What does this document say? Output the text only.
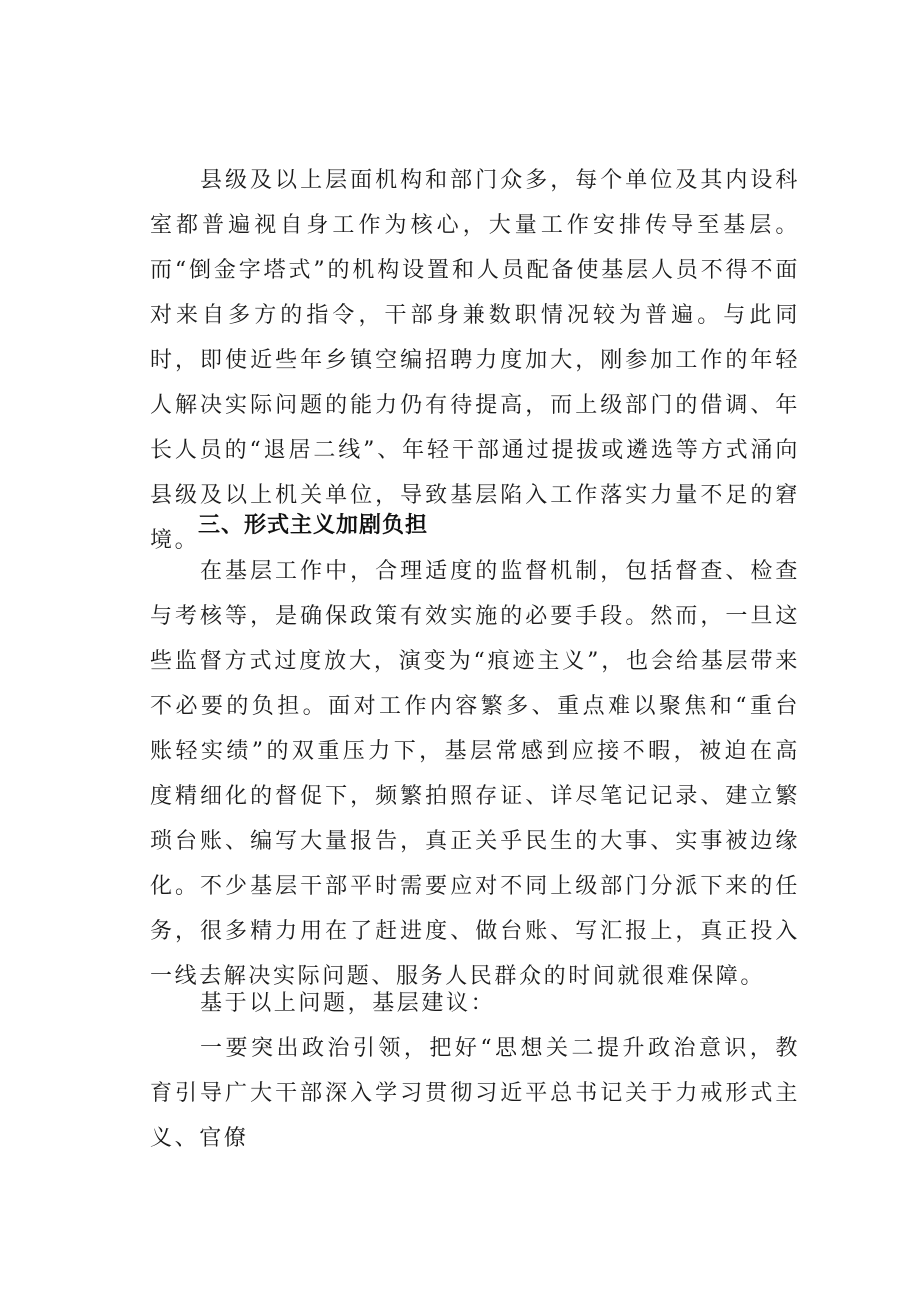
县级及以上层面机构和部门众多，每个单位及其内设科室都普遍视自身工作为核心，大量工作安排传导至基层。而“倒金字塔式”的机构设置和人员配备使基层人员不得不面对来自多方的指令，干部身兼数职情况较为普遍。与此同时，即使近些年乡镇空编招聘力度加大，刚参加工作的年轻人解决实际问题的能力仍有待提高，而上级部门的借调、年长人员的“退居二线”、年轻干部通过提拔或遴选等方式涌向县级及以上机关单位，导致基层陷入工作落实力量不足的窘境。

三、形式主义加剧负担

在基层工作中，合理适度的监督机制，包括督查、检查与考核等，是确保政策有效实施的必要手段。然而，一旦这些监督方式过度放大，演变为“痕迹主义”，也会给基层带来不必要的负担。面对工作内容繁多、重点难以聚焦和“重台账轻实绩”的双重压力下，基层常感到应接不暇，被迫在高度精细化的督促下，频繁拍照存证、详尽笔记记录、建立繁琐台账、编写大量报告，真正关乎民生的大事、实事被边缘化。不少基层干部平时需要应对不同上级部门分派下来的任务，很多精力用在了赶进度、做台账、写汇报上，真正投入一线去解决实际问题、服务人民群众的时间就很难保障。

基于以上问题，基层建议：

一要突出政治引领，把好“思想关二提升政治意识，教育引导广大干部深入学习贯彻习近平总书记关于力戒形式主义、官僚
